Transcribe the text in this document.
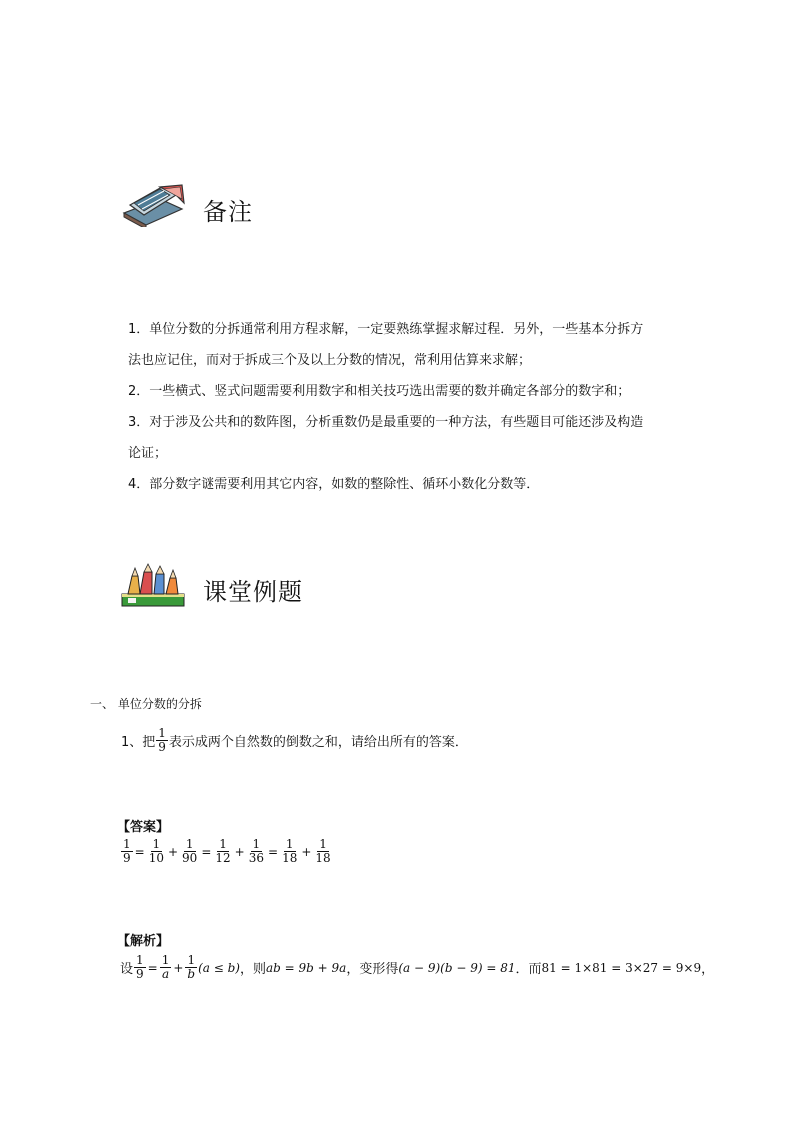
备注

1．单位分数的分拆通常利用方程求解，一定要熟练掌握求解过程．另外，一些基本分拆方

法也应记住，而对于拆成三个及以上分数的情况，常利用估算来求解；

2．一些横式、竖式问题需要利用数字和相关技巧选出需要的数并确定各部分的数字和；

3．对于涉及公共和的数阵图，分析重数仍是最重要的一种方法，有些题目可能还涉及构造

论证；

4．部分数字谜需要利用其它内容，如数的整除性、循环小数化分数等．

课堂例题
一、 单位分数的分拆
1、把 $\frac{1}{9}$ 表示成两个自然数的倒数之和，请给出所有的答案．
【答案】
$\frac{1}{9} = \frac{1}{10} + \frac{1}{90} = \frac{1}{12} + \frac{1}{36} = \frac{1}{18} + \frac{1}{18}$
【解析】
设 $\frac{1}{9} = \frac{1}{a} + \frac{1}{b} (a \le b)$ ，则 ab = 9b + 9a ，变形得 (a − 9)(b − 9) = 81 ．而 81 = 1×81 = 3×27 = 9×9 ，
